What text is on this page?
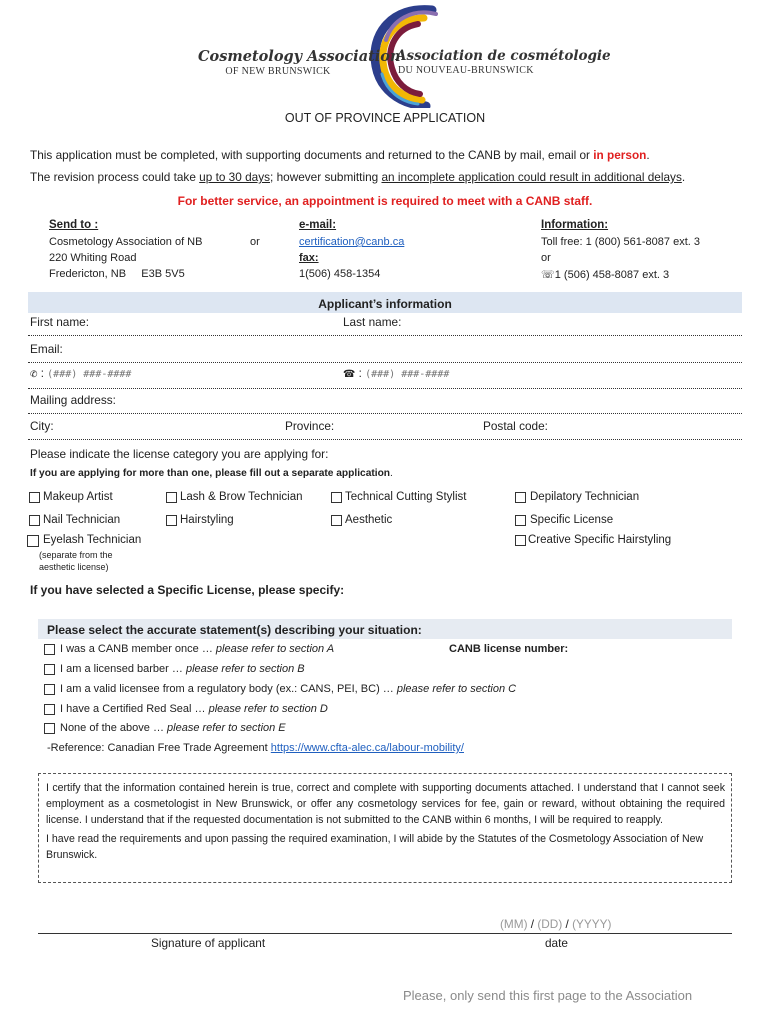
Cosmetology Association
OF NEW BRUNSWICK
Association de cosmétologie
DU NOUVEAU-BRUNSWICK
OUT OF PROVINCE APPLICATION
This application must be completed, with supporting documents and returned to the CANB by mail, email or in person.
The revision process could take up to 30 days; however submitting an incomplete application could result in additional delays.
For better service, an appointment is required to meet with a CANB staff.
Send to :
Cosmetology Association of NB
220 Whiting Road
Fredericton, NB     E3B 5V5
or
e-mail:
certification@canb.ca
fax:
1(506) 458-1354
Information:
Toll free: 1 (800) 561-8087 ext. 3
or
☏1 (506) 458-8087 ext. 3
Applicant’s information
First name:	Last name:
Email:
✆ : (###) ###-####	☎ : (###) ###-####
Mailing address:
City:	Province:	Postal code:
Please indicate the license category you are applying for:
If you are applying for more than one, please fill out a separate application.
Makeup Artist	Lash & Brow Technician	Technical Cutting Stylist	Depilatory Technician
Nail Technician	Hairstyling	Aesthetic	Specific License
Eyelash Technician
(separate from the
aesthetic license)
Creative Specific Hairstyling
If you have selected a Specific License, please specify:
Please select the accurate statement(s) describing your situation:
CANB license number:
I was a CANB member once … please refer to section A
I am a licensed barber … please refer to section B
I am a valid licensee from a regulatory body (ex.: CANS, PEI, BC) … please refer to section C
I have a Certified Red Seal … please refer to section D
None of the above … please refer to section E
-Reference: Canadian Free Trade Agreement https://www.cfta-alec.ca/labour-mobility/

I certify that the information contained herein is true, correct and complete with supporting documents attached. I understand that I cannot seek employment as a cosmetologist in New Brunswick, or offer any cosmetology services for fee, gain or reward, without obtaining the required license. I understand that if the requested documentation is not submitted to the CANB within 6 months, I will be required to reapply.

I have read the requirements and upon passing the required examination, I will abide by the Statutes of the Cosmetology Association of New Brunswick.

(MM) / (DD) / (YYYY)
Signature of applicant	date
Please, only send this first page to the Association
